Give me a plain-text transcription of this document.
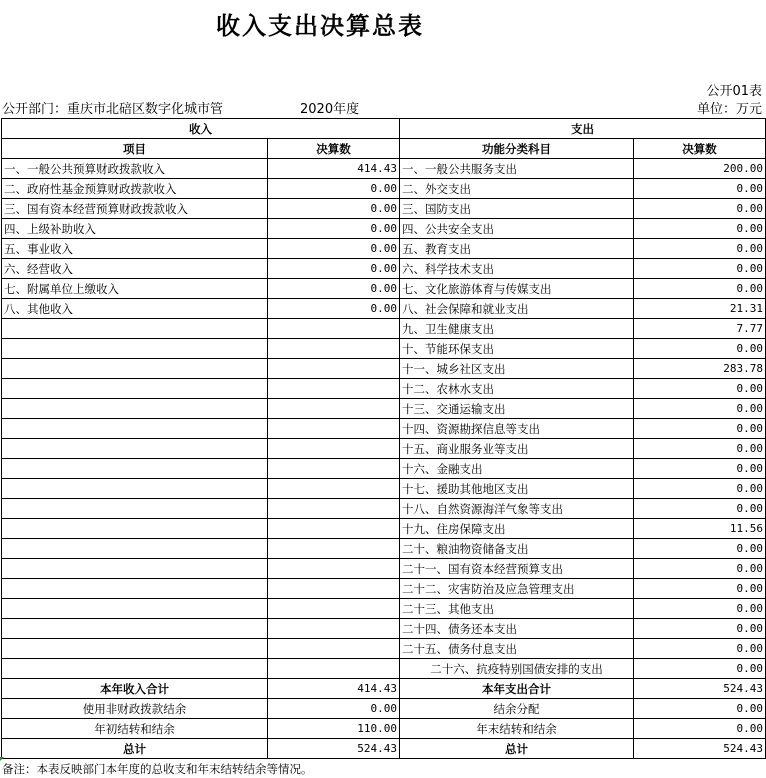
收入支出决算总表
公开01表
公开部门：重庆市北碚区数字化城市管	2020年度	单位：万元
收入		支出	
项目	决算数	功能分类科目	决算数
一、一般公共预算财政拨款收入	414.43	一、一般公共服务支出	200.00
二、政府性基金预算财政拨款收入	0.00	二、外交支出	0.00
三、国有资本经营预算财政拨款收入	0.00	三、国防支出	0.00
四、上级补助收入	0.00	四、公共安全支出	0.00
五、事业收入	0.00	五、教育支出	0.00
六、经营收入	0.00	六、科学技术支出	0.00
七、附属单位上缴收入	0.00	七、文化旅游体育与传媒支出	0.00
八、其他收入	0.00	八、社会保障和就业支出	21.31
		九、卫生健康支出	7.77
		十、节能环保支出	0.00
		十一、城乡社区支出	283.78
		十二、农林水支出	0.00
		十三、交通运输支出	0.00
		十四、资源勘探信息等支出	0.00
		十五、商业服务业等支出	0.00
		十六、金融支出	0.00
		十七、援助其他地区支出	0.00
		十八、自然资源海洋气象等支出	0.00
		十九、住房保障支出	11.56
		二十、粮油物资储备支出	0.00
		二十一、国有资本经营预算支出	0.00
		二十二、灾害防治及应急管理支出	0.00
		二十三、其他支出	0.00
		二十四、债务还本支出	0.00
		二十五、债务付息支出	0.00
		二十六、抗疫特别国债安排的支出	0.00
本年收入合计	414.43	本年支出合计	524.43
使用非财政拨款结余	0.00	结余分配	0.00
年初结转和结余	110.00	年末结转和结余	0.00
总计	524.43	总计	524.43
备注：本表反映部门本年度的总收支和年末结转结余等情况。
